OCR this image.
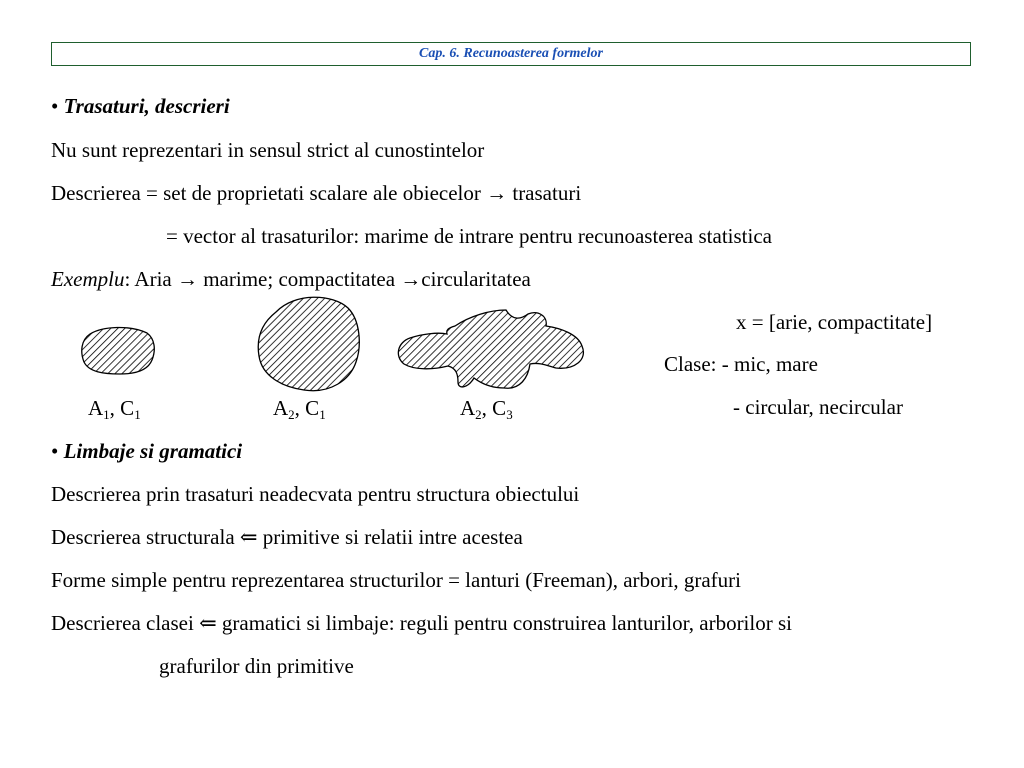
Cap. 6. Recunoasterea formelor
• Trasaturi, descrieri
Nu sunt reprezentari in sensul strict al cunostintelor
Descrierea = set de proprietati scalare ale obiecelor → trasaturi
= vector al trasaturilor: marime de intrare pentru recunoasterea statistica
Exemplu: Aria → marime; compactitatea →circularitatea
x = [arie, compactitate]
Clase: - mic, mare
- circular, necircular
$A_1$, $C_1$	$A_2$, $C_1$	$A_2$, $C_3$
• Limbaje si gramatici
Descrierea prin trasaturi neadecvata pentru structura obiectului
Descrierea structurala ⇐ primitive si relatii intre acestea
Forme simple pentru reprezentarea structurilor = lanturi (Freeman), arbori, grafuri
Descrierea clasei ⇐ gramatici si limbaje: reguli pentru construirea lanturilor, arborilor si
grafurilor din primitive
